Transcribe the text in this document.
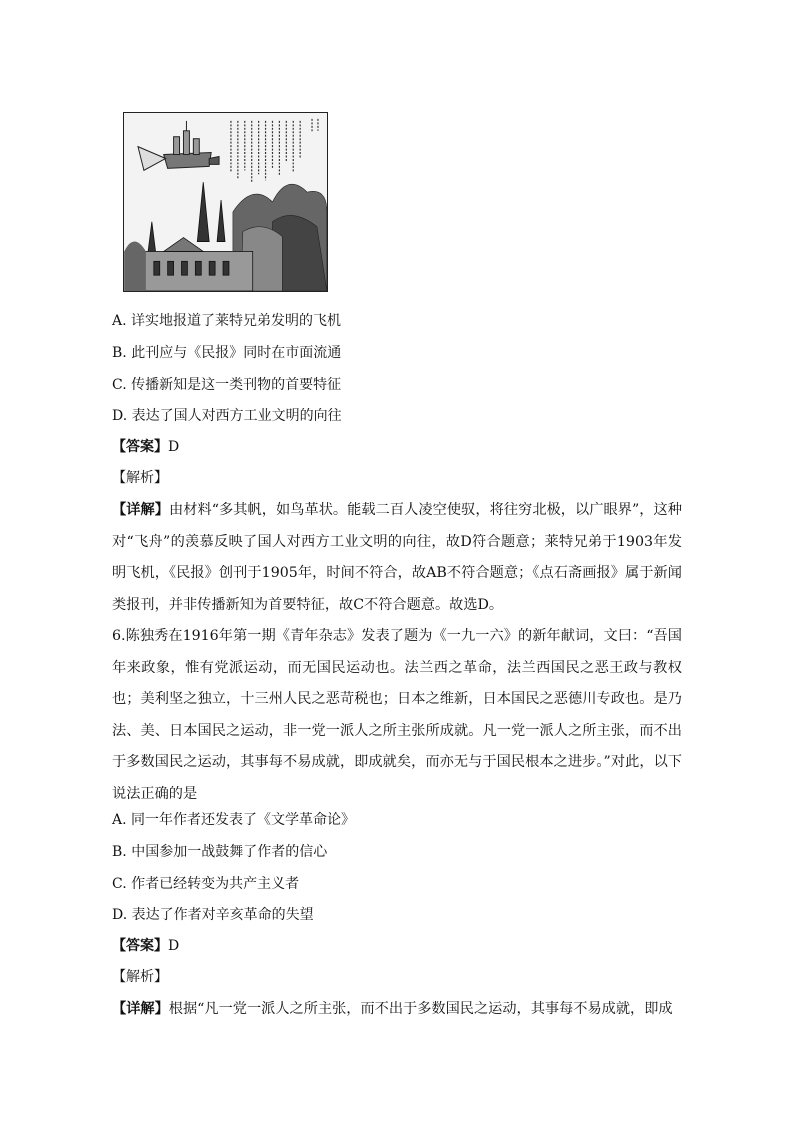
A. 详实地报道了莱特兄弟发明的飞机
B. 此刊应与《民报》同时在市面流通
C. 传播新知是这一类刊物的首要特征
D. 表达了国人对西方工业文明的向往
【答案】D
【解析】
【详解】由材料“多其帆，如鸟革状。能载二百人凌空使驭，将往穷北极，以广眼界”，这种对“飞舟”的羡慕反映了国人对西方工业文明的向往，故D符合题意；莱特兄弟于1903年发明飞机，《民报》创刊于1905年，时间不符合，故AB不符合题意；《点石斋画报》属于新闻类报刊，并非传播新知为首要特征，故C不符合题意。故选D。
6.陈独秀在1916年第一期《青年杂志》发表了题为《一九一六》的新年献词，文曰：“吾国年来政象，惟有党派运动，而无国民运动也。法兰西之革命，法兰西国民之恶王政与教权也；美利坚之独立，十三州人民之恶苛税也；日本之维新，日本国民之恶德川专政也。是乃法、美、日本国民之运动，非一党一派人之所主张所成就。凡一党一派人之所主张，而不出于多数国民之运动，其事每不易成就，即成就矣，而亦无与于国民根本之进步。”对此，以下说法正确的是
A. 同一年作者还发表了《文学革命论》
B. 中国参加一战鼓舞了作者的信心
C. 作者已经转变为共产主义者
D. 表达了作者对辛亥革命的失望
【答案】D
【解析】
【详解】根据“凡一党一派人之所主张，而不出于多数国民之运动，其事每不易成就，即成
